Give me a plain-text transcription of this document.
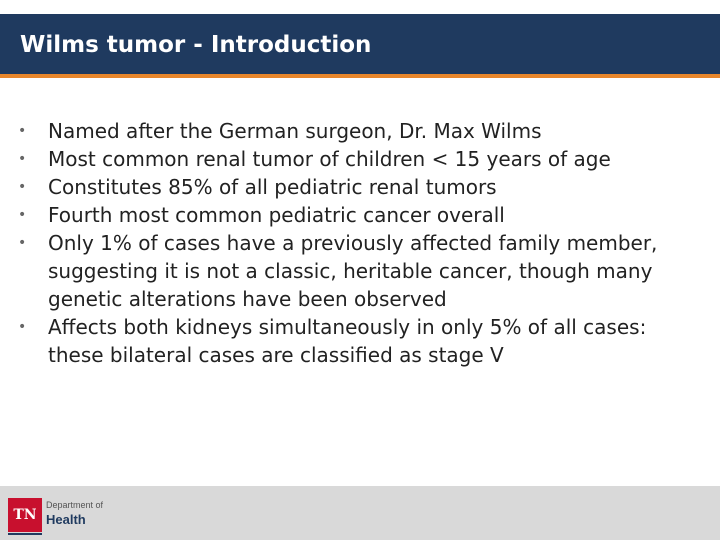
Wilms tumor - Introduction
• Named after the German surgeon, Dr. Max Wilms
• Most common renal tumor of children < 15 years of age
• Constitutes 85% of all pediatric renal tumors
• Fourth most common pediatric cancer overall
• Only 1% of cases have a previously affected family member, suggesting it is not a classic, heritable cancer, though many genetic alterations have been observed
• Affects both kidneys simultaneously in only 5% of all cases: these bilateral cases are classified as stage V
TN
Department of
Health
